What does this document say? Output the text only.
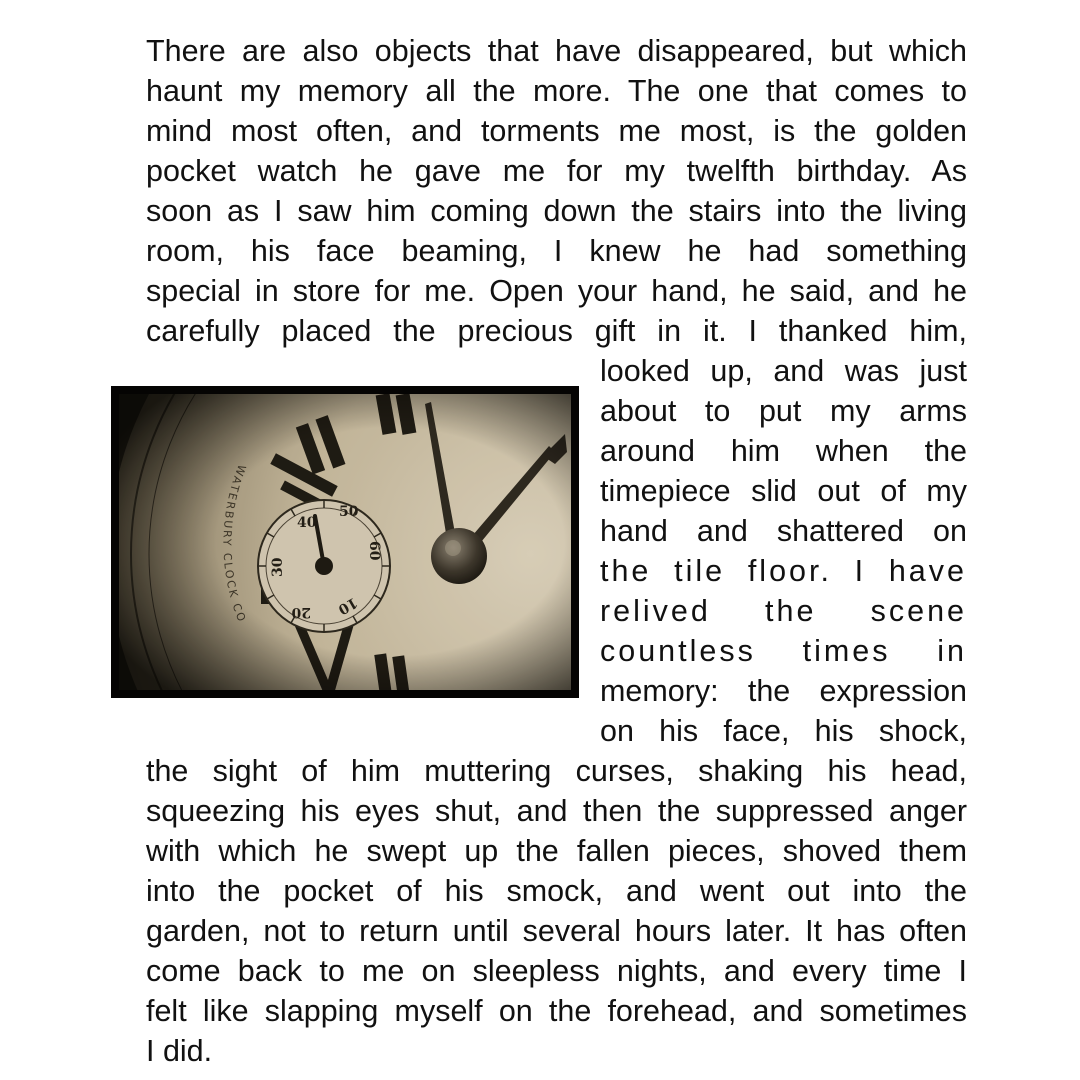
There are also objects that have disappeared, but which
haunt my memory all the more. The one that comes to
mind most often, and torments me most, is the golden
pocket watch he gave me for my twelfth birthday. As
soon as I saw him coming down the stairs into the living
room, his face beaming, I knew he had something
special in store for me. Open your hand, he said, and he
carefully placed the precious gift in it. I thanked him,
looked up, and was just
about to put my arms
around him when the
timepiece slid out of my
hand and shattered on
the tile floor. I have
relived the scene
countless times in
memory: the expression
on his face, his shock,
the sight of him muttering curses, shaking his head,
squeezing his eyes shut, and then the suppressed anger
with which he swept up the fallen pieces, shoved them
into the pocket of his smock, and went out into the
garden, not to return until several hours later. It has often
come back to me on sleepless nights, and every time I
felt like slapping myself on the forehead, and sometimes
I did.
